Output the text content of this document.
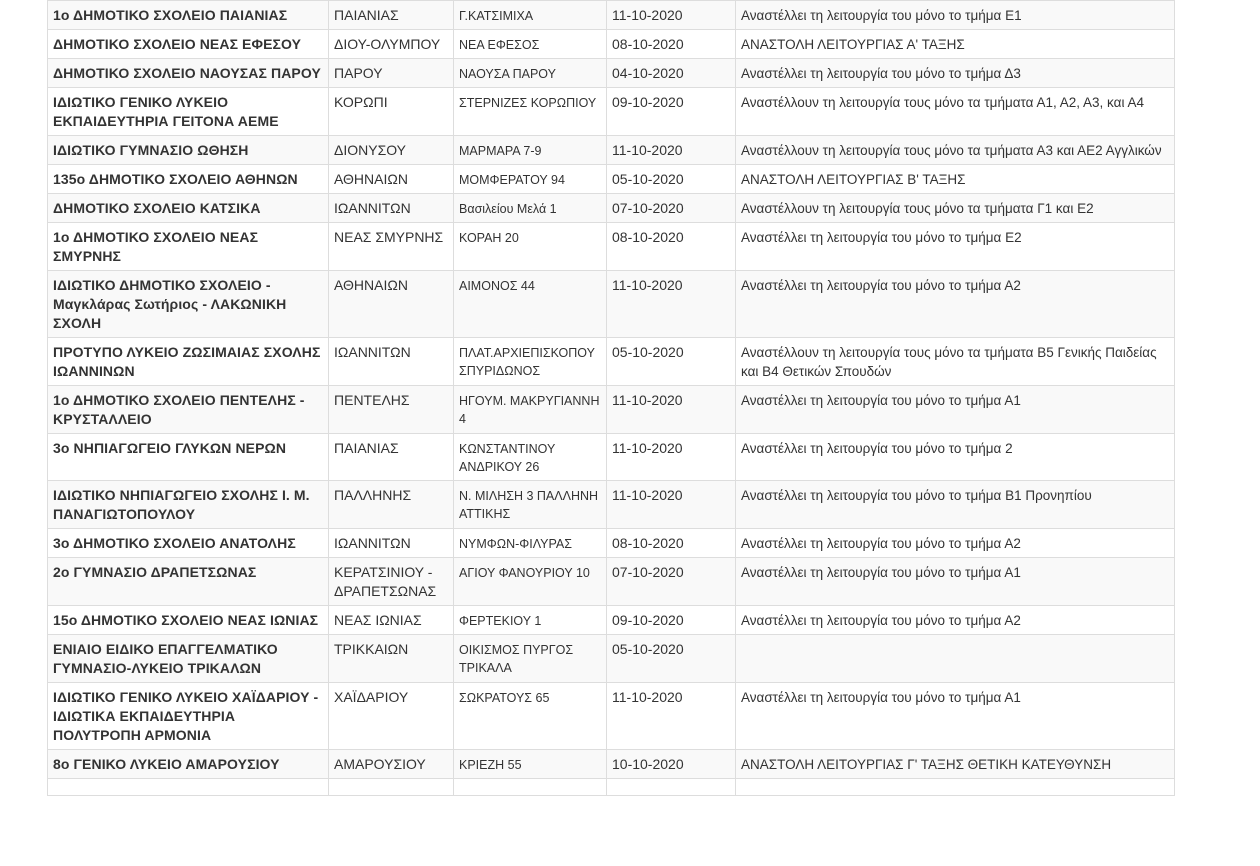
1ο ΔΗΜΟΤΙΚΟ ΣΧΟΛΕΙΟ ΠΑΙΑΝΙΑΣ	ΠΑΙΑΝΙΑΣ	Γ.ΚΑΤΣΙΜΙΧΑ	11-10-2020	Αναστέλλει τη λειτουργία του μόνο το τμήμα Ε1
ΔΗΜΟΤΙΚΟ ΣΧΟΛΕΙΟ ΝΕΑΣ ΕΦΕΣΟΥ	ΔΙΟΥ-ΟΛΥΜΠΟΥ	ΝΕΑ ΕΦΕΣΟΣ	08-10-2020	ΑΝΑΣΤΟΛΗ ΛΕΙΤΟΥΡΓΙΑΣ Α' ΤΑΞΗΣ
ΔΗΜΟΤΙΚΟ ΣΧΟΛΕΙΟ ΝΑΟΥΣΑΣ ΠΑΡΟΥ	ΠΑΡΟΥ	ΝΑΟΥΣΑ ΠΑΡΟΥ	04-10-2020	Αναστέλλει τη λειτουργία του μόνο το τμήμα Δ3
ΙΔΙΩΤΙΚΟ ΓΕΝΙΚΟ ΛΥΚΕΙΟ ΕΚΠΑΙΔΕΥΤΗΡΙΑ ΓΕΙΤΟΝΑ ΑΕΜΕ	ΚΟΡΩΠΙ	ΣΤΕΡΝΙΖΕΣ ΚΟΡΩΠΙΟΥ	09-10-2020	Αναστέλλουν τη λειτουργία τους μόνο τα τμήματα Α1, Α2, Α3, και Α4
ΙΔΙΩΤΙΚΟ ΓΥΜΝΑΣΙΟ ΩΘΗΣΗ	ΔΙΟΝΥΣΟΥ	ΜΑΡΜΑΡΑ 7-9	11-10-2020	Αναστέλλουν τη λειτουργία τους μόνο τα τμήματα Α3 και ΑΕ2 Αγγλικών
135ο ΔΗΜΟΤΙΚΟ ΣΧΟΛΕΙΟ ΑΘΗΝΩΝ	ΑΘΗΝΑΙΩΝ	ΜΟΜΦΕΡΑΤΟΥ 94	05-10-2020	ΑΝΑΣΤΟΛΗ ΛΕΙΤΟΥΡΓΙΑΣ Β' ΤΑΞΗΣ
ΔΗΜΟΤΙΚΟ ΣΧΟΛΕΙΟ ΚΑΤΣΙΚΑ	ΙΩΑΝΝΙΤΩΝ	Βασιλείου Μελά 1	07-10-2020	Αναστέλλουν τη λειτουργία τους μόνο τα τμήματα Γ1 και Ε2
1ο ΔΗΜΟΤΙΚΟ ΣΧΟΛΕΙΟ ΝΕΑΣ ΣΜΥΡΝΗΣ	ΝΕΑΣ ΣΜΥΡΝΗΣ	ΚΟΡΑΗ 20	08-10-2020	Αναστέλλει τη λειτουργία του μόνο το τμήμα Ε2
ΙΔΙΩΤΙΚΟ ΔΗΜΟΤΙΚΟ ΣΧΟΛΕΙΟ - Μαγκλάρας Σωτήριος - ΛΑΚΩΝΙΚΗ ΣΧΟΛΗ	ΑΘΗΝΑΙΩΝ	ΑΙΜΟΝΟΣ 44	11-10-2020	Αναστέλλει τη λειτουργία του μόνο το τμήμα Α2
ΠΡΟΤΥΠΟ ΛΥΚΕΙΟ ΖΩΣΙΜΑΙΑΣ ΣΧΟΛΗΣ ΙΩΑΝΝΙΝΩΝ	ΙΩΑΝΝΙΤΩΝ	ΠΛΑΤ.ΑΡΧΙΕΠΙΣΚΟΠΟΥ ΣΠΥΡΙΔΩΝΟΣ	05-10-2020	Αναστέλλουν τη λειτουργία τους μόνο τα τμήματα Β5 Γενικής Παιδείας και Β4 Θετικών Σπουδών
1ο ΔΗΜΟΤΙΚΟ ΣΧΟΛΕΙΟ ΠΕΝΤΕΛΗΣ - ΚΡΥΣΤΑΛΛΕΙΟ	ΠΕΝΤΕΛΗΣ	ΗΓΟΥΜ. ΜΑΚΡΥΓΙΑΝΝΗ 4	11-10-2020	Αναστέλλει τη λειτουργία του μόνο το τμήμα Α1
3ο ΝΗΠΙΑΓΩΓΕΙΟ ΓΛΥΚΩΝ ΝΕΡΩΝ	ΠΑΙΑΝΙΑΣ	ΚΩΝΣΤΑΝΤΙΝΟΥ ΑΝΔΡΙΚΟΥ 26	11-10-2020	Αναστέλλει τη λειτουργία του μόνο το τμήμα 2
ΙΔΙΩΤΙΚΟ ΝΗΠΙΑΓΩΓΕΙΟ ΣΧΟΛΗΣ Ι. Μ. ΠΑΝΑΓΙΩΤΟΠΟΥΛΟΥ	ΠΑΛΛΗΝΗΣ	Ν. ΜΙΛΗΣΗ 3 ΠΑΛΛΗΝΗ ΑΤΤΙΚΗΣ	11-10-2020	Αναστέλλει τη λειτουργία του μόνο το τμήμα Β1 Προνηπίου
3ο ΔΗΜΟΤΙΚΟ ΣΧΟΛΕΙΟ ΑΝΑΤΟΛΗΣ	ΙΩΑΝΝΙΤΩΝ	ΝΥΜΦΩΝ-ΦΙΛΥΡΑΣ	08-10-2020	Αναστέλλει τη λειτουργία του μόνο το τμήμα Α2
2ο ΓΥΜΝΑΣΙΟ ΔΡΑΠΕΤΣΩΝΑΣ	ΚΕΡΑΤΣΙΝΙΟΥ - ΔΡΑΠΕΤΣΩΝΑΣ	ΑΓΙΟΥ ΦΑΝΟΥΡΙΟΥ 10	07-10-2020	Αναστέλλει τη λειτουργία του μόνο το τμήμα Α1
15ο ΔΗΜΟΤΙΚΟ ΣΧΟΛΕΙΟ ΝΕΑΣ ΙΩΝΙΑΣ	ΝΕΑΣ ΙΩΝΙΑΣ	ΦΕΡΤΕΚΙΟΥ 1	09-10-2020	Αναστέλλει τη λειτουργία του μόνο το τμήμα Α2
ΕΝΙΑΙΟ ΕΙΔΙΚΟ ΕΠΑΓΓΕΛΜΑΤΙΚΟ ΓΥΜΝΑΣΙΟ-ΛΥΚΕΙΟ ΤΡΙΚΑΛΩΝ	ΤΡΙΚΚΑΙΩΝ	ΟΙΚΙΣΜΟΣ ΠΥΡΓΟΣ ΤΡΙΚΑΛΑ	05-10-2020	
ΙΔΙΩΤΙΚΟ ΓΕΝΙΚΟ ΛΥΚΕΙΟ ΧΑΪΔΑΡΙΟΥ - ΙΔΙΩΤΙΚΑ ΕΚΠΑΙΔΕΥΤΗΡΙΑ ΠΟΛΥΤΡΟΠΗ ΑΡΜΟΝΙΑ	ΧΑΪΔΑΡΙΟΥ	ΣΩΚΡΑΤΟΥΣ 65	11-10-2020	Αναστέλλει τη λειτουργία του μόνο το τμήμα Α1
8ο ΓΕΝΙΚΟ ΛΥΚΕΙΟ ΑΜΑΡΟΥΣΙΟΥ	ΑΜΑΡΟΥΣΙΟΥ	ΚΡΙΕΖΗ 55	10-10-2020	ΑΝΑΣΤΟΛΗ ΛΕΙΤΟΥΡΓΙΑΣ Γ' ΤΑΞΗΣ ΘΕΤΙΚΗ ΚΑΤΕΥΘΥΝΣΗ
